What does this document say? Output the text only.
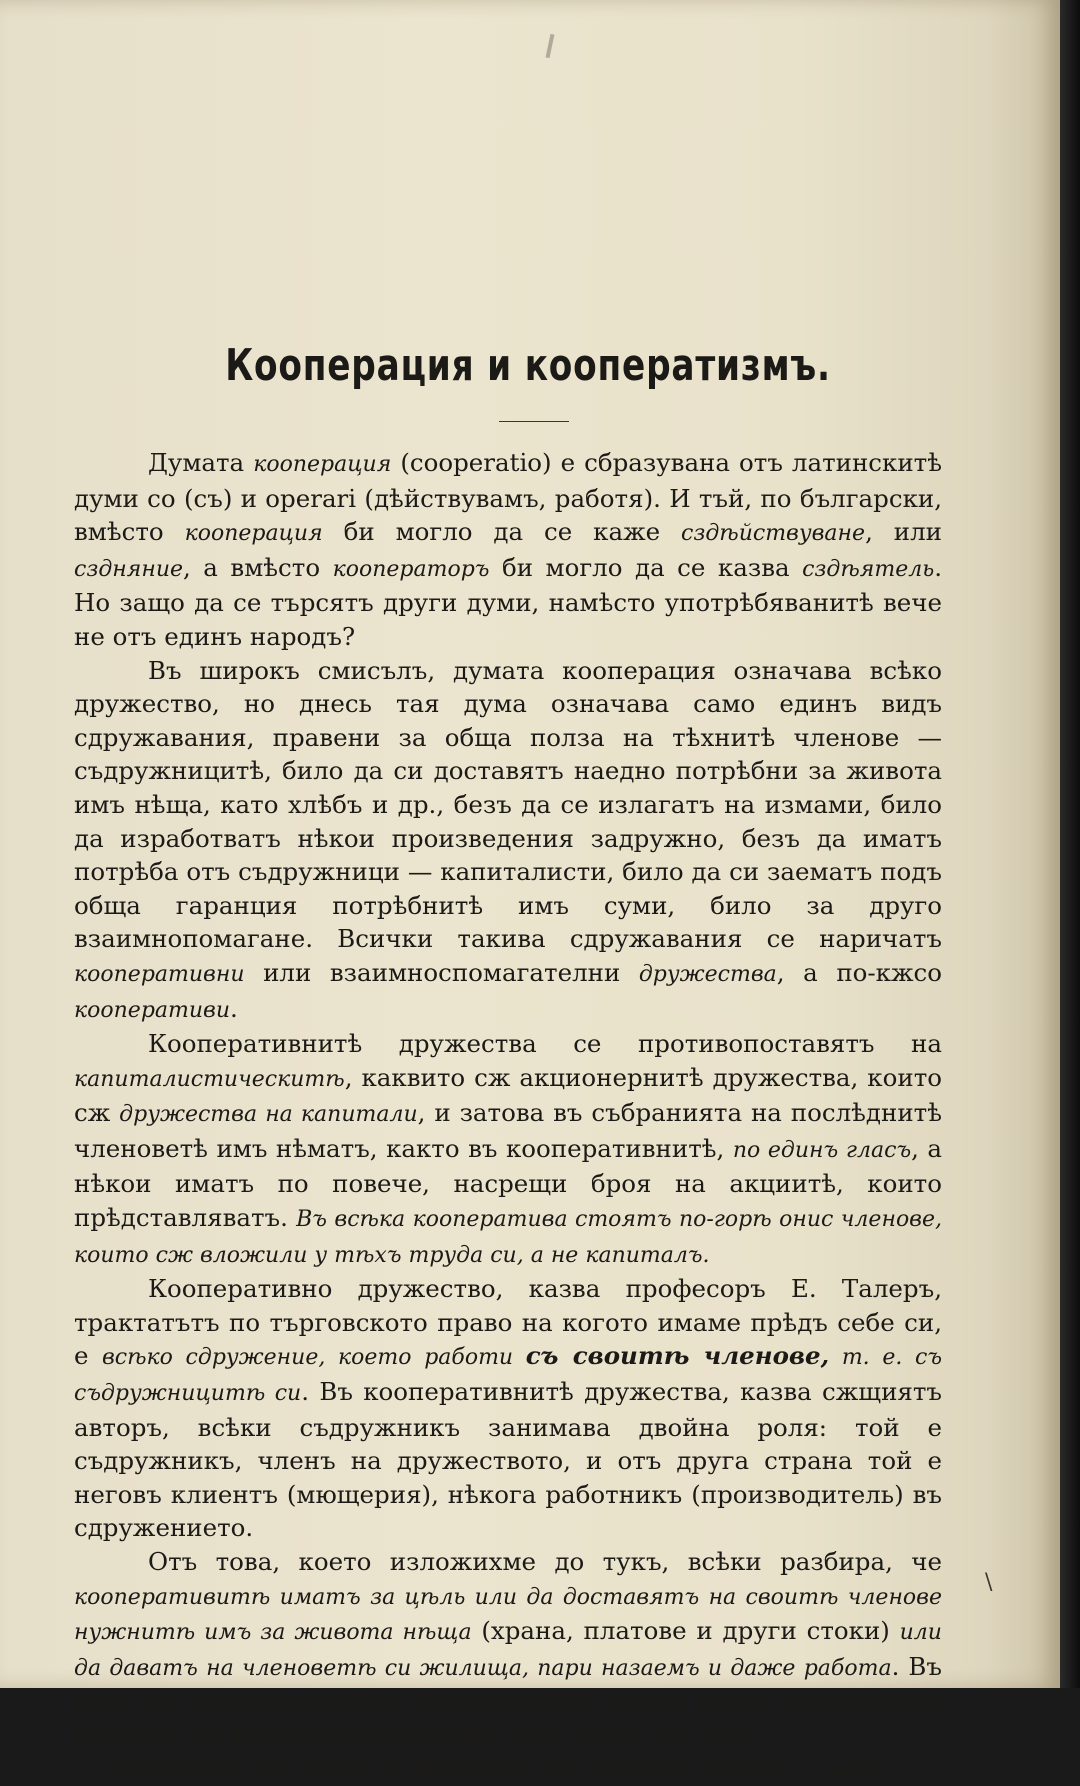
Кооперация и кооператизмъ.

Думата кооперация (cooperatio) е сбразувана отъ латинскитѣ думи co (съ) и operari (дѣйствувамъ, работя). И тъй, по български, вмѣсто кооперация би могло да се каже сздѣйствуване, или сздняние, а вмѣсто кооператоръ би могло да се казва сздѣятель. Но защо да се търсятъ други думи, намѣсто употрѣбяванитѣ вече не отъ единъ народъ?

Въ широкъ смисълъ, думата кооперация означава всѣко дружество, но днесь тая дума означава само единъ видъ сдружавания, правени за обща полза на тѣхнитѣ членове — съдружницитѣ, било да си доставятъ наедно потрѣбни за живота имъ нѣща, като хлѣбъ и др., безъ да се излагатъ на измами, било да изработватъ нѣкои произведения задружно, безъ да иматъ потрѣба отъ съдружници — капиталисти, било да си заематъ подъ обща гаранция потрѣбнитѣ имъ суми, било за друго взаимнопомагане. Всички такива сдружавания се наричатъ кооперативни или взаимноспомагателни дружества, а по-кжсо кооперативи.

Кооперативнитѣ дружества се противопоставятъ на капиталистическитѣ, каквито сж акционернитѣ дружества, които сж дружества на капитали, и затова въ събранията на послѣднитѣ членоветѣ имъ нѣматъ, както въ кооперативнитѣ, по единъ гласъ, а нѣкои иматъ по повече, насрещи броя на акциитѣ, които прѣдставляватъ. Въ всѣка кооператива стоятъ по-горѣ онис членове, които сж вложили у тѣхъ труда си, а не капиталъ.

Кооперативно дружество, казва професоръ Е. Талеръ, трактатътъ по търговското право на когото имаме прѣдъ себе си, е всѣко сдружение, което работи съ своитѣ членове, т. е. съ съдружницитѣ си. Въ кооперативнитѣ дружества, казва сжщиятъ авторъ, всѣки съдружникъ занимава двойна роля: той е съдружникъ, членъ на дружеството, и отъ друга страна той е неговъ клиентъ (мющерия), нѣкога работникъ (производитель) въ сдружението.

Отъ това, което изложихме до тукъ, всѣки разбира, че кооперативитѣ иматъ за цѣль или да доставятъ на своитѣ членове нужнитѣ имъ за живота нѣща (храна, платове и други стоки) или да даватъ на членоветѣ си жилища, пари назаемъ и даже работа. Въ края на опрѣдѣленото въ дружествения уставъ врѣме (напр. всѣка година) дружествената печалба (или часть отъ нея)

разпоздѣля на всѣки съдружникъ не споредъ паритѣ, които

\
